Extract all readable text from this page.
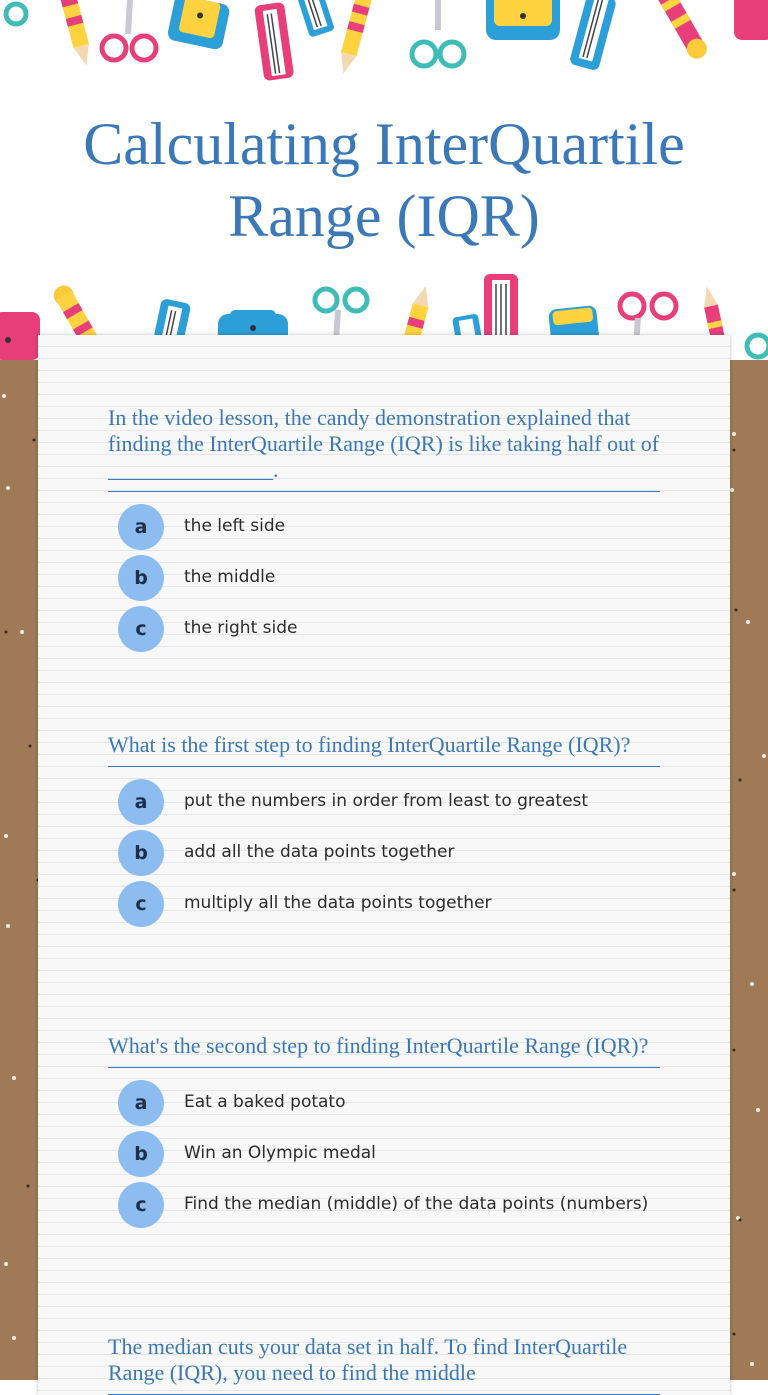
Calculating InterQuartile
Range (IQR)

In the video lesson, the candy demonstration explained that finding the InterQuartile Range (IQR) is like taking half out of _______________.

a	the left side
b	the middle
c	the right side

What is the first step to finding InterQuartile Range (IQR)?

a	put the numbers in order from least to greatest
b	add all the data points together
c	multiply all the data points together

What's the second step to finding InterQuartile Range (IQR)?

a	Eat a baked potato
b	Win an Olympic medal
c	Find the median (middle) of the data points (numbers)

The median cuts your data set in half. To find InterQuartile Range (IQR), you need to find the middle
